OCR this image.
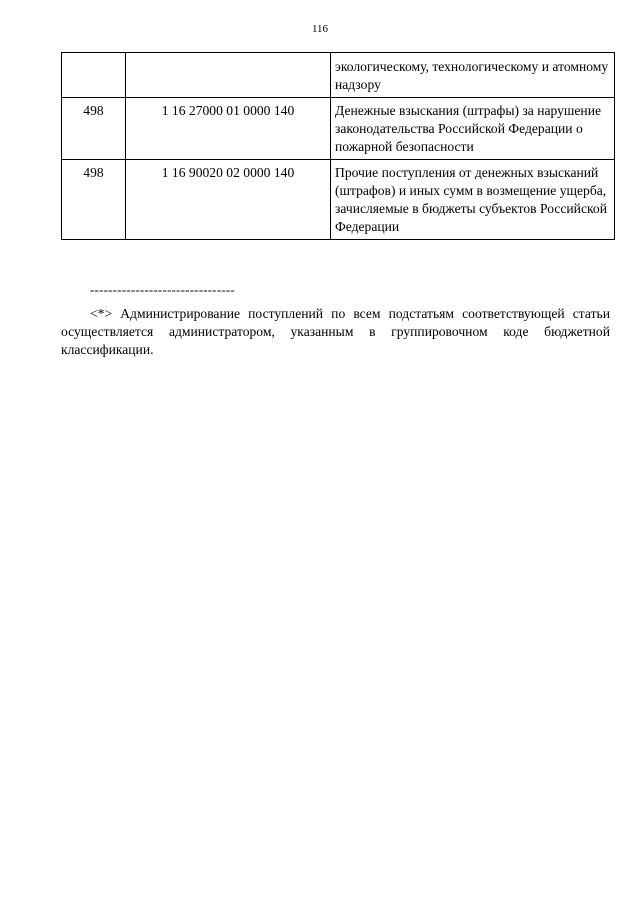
116
		экологическому, технологическому и атомному надзору
498	1 16 27000 01 0000 140	Денежные взыскания (штрафы) за нарушение законодательства Российской Федерации о пожарной безопасности
498	1 16 90020 02 0000 140	Прочие поступления от денежных взысканий (штрафов) и иных сумм в возмещение ущерба, зачисляемые в бюджеты субъектов Российской Федерации
--------------------------------

<*> Администрирование поступлений по всем подстатьям соответствующей статьи осуществляется администратором, указанным в группировочном коде бюджетной классификации.
